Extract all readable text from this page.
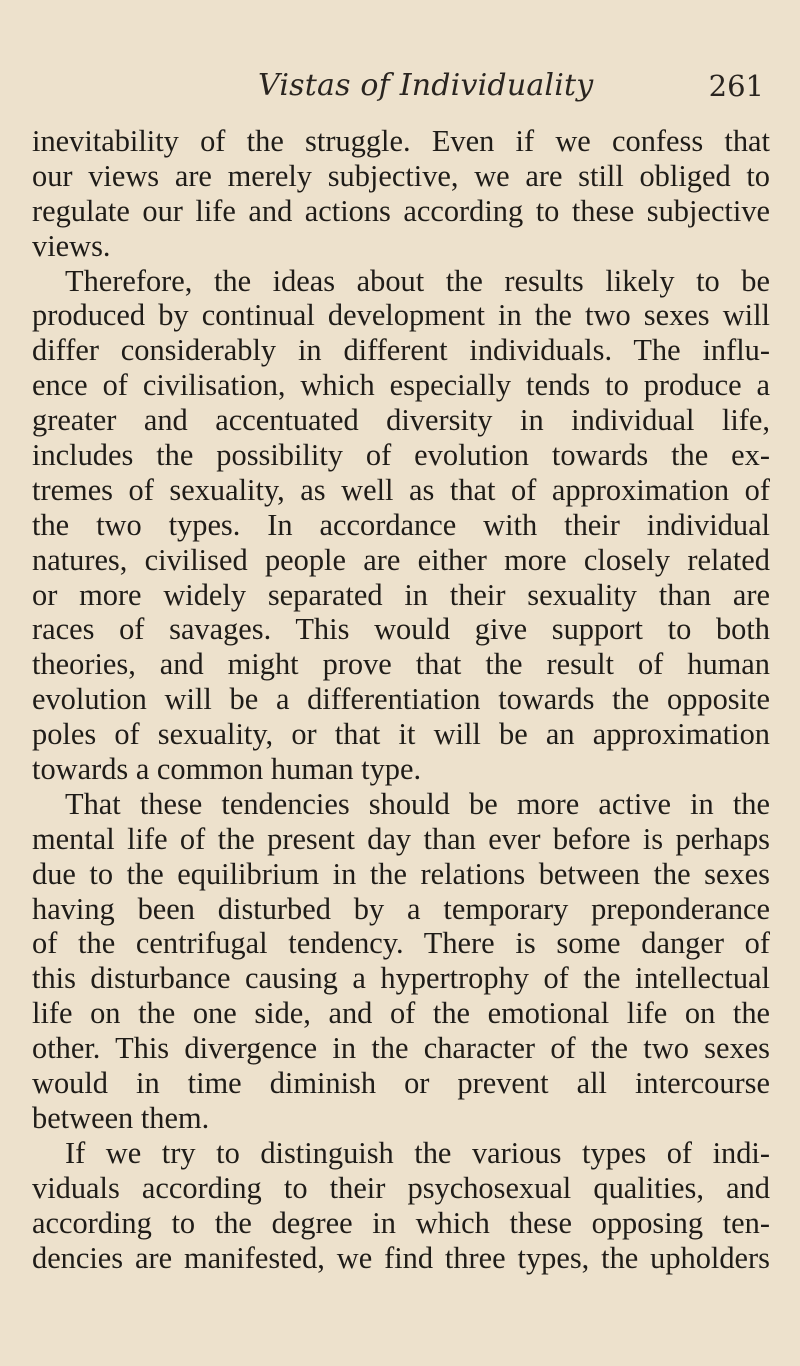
Vistas of Individuality	261
inevitability of the struggle. Even if we confess that
our views are merely subjective, we are still obliged to
regulate our life and actions according to these subjective
views.
Therefore, the ideas about the results likely to be
produced by continual development in the two sexes will
differ considerably in different individuals. The influ-
ence of civilisation, which especially tends to produce a
greater and accentuated diversity in individual life,
includes the possibility of evolution towards the ex-
tremes of sexuality, as well as that of approximation of
the two types. In accordance with their individual
natures, civilised people are either more closely related
or more widely separated in their sexuality than are
races of savages. This would give support to both
theories, and might prove that the result of human
evolution will be a differentiation towards the opposite
poles of sexuality, or that it will be an approximation
towards a common human type.
That these tendencies should be more active in the
mental life of the present day than ever before is perhaps
due to the equilibrium in the relations between the sexes
having been disturbed by a temporary preponderance
of the centrifugal tendency. There is some danger of
this disturbance causing a hypertrophy of the intellectual
life on the one side, and of the emotional life on the
other. This divergence in the character of the two sexes
would in time diminish or prevent all intercourse
between them.
If we try to distinguish the various types of indi-
viduals according to their psychosexual qualities, and
according to the degree in which these opposing ten-
dencies are manifested, we find three types, the upholders
